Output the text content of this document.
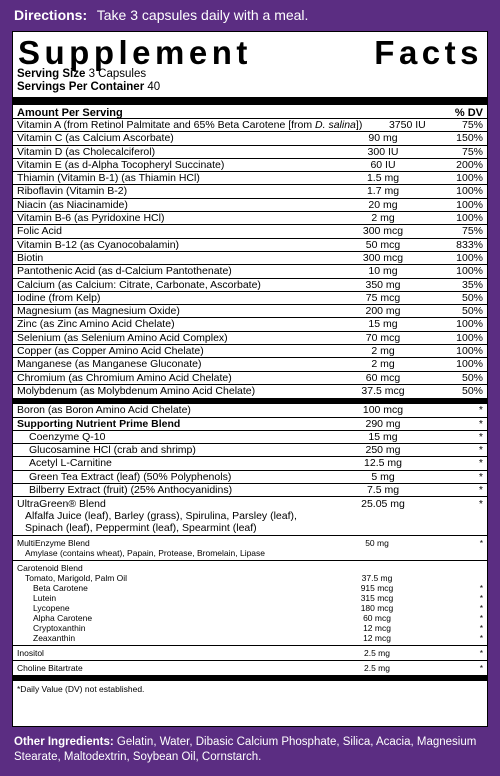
Directions: Take 3 capsules daily with a meal.
Supplement	Facts
Serving Size 3 Capsules
Servings Per Container 40
Amount Per Serving	% DV
Vitamin A (from Retinol Palmitate and 65% Beta Carotene [from D. salina])	3750 IU	75%
Vitamin C (as Calcium Ascorbate)	90 mg	150%
Vitamin D (as Cholecalciferol)	300 IU	75%
Vitamin E (as d-Alpha Tocopheryl Succinate)	60 IU	200%
Thiamin (Vitamin B-1) (as Thiamin HCl)	1.5 mg	100%
Riboflavin (Vitamin B-2)	1.7 mg	100%
Niacin (as Niacinamide)	20 mg	100%
Vitamin B-6 (as Pyridoxine HCl)	2 mg	100%
Folic Acid	300 mcg	75%
Vitamin B-12 (as Cyanocobalamin)	50 mcg	833%
Biotin	300 mcg	100%
Pantothenic Acid (as d-Calcium Pantothenate)	10 mg	100%
Calcium (as Calcium: Citrate, Carbonate, Ascorbate)	350 mg	35%
Iodine (from Kelp)	75 mcg	50%
Magnesium (as Magnesium Oxide)	200 mg	50%
Zinc (as Zinc Amino Acid Chelate)	15 mg	100%
Selenium (as Selenium Amino Acid Complex)	70 mcg	100%
Copper (as Copper Amino Acid Chelate)	2 mg	100%
Manganese (as Manganese Gluconate)	2 mg	100%
Chromium (as Chromium Amino Acid Chelate)	60 mcg	50%
Molybdenum (as Molybdenum Amino Acid Chelate)	37.5 mcg	50%
Boron (as Boron Amino Acid Chelate)	100 mcg	*
Supporting Nutrient Prime Blend	290 mg	*
Coenzyme Q-10	15 mg	*
Glucosamine HCl (crab and shrimp)	250 mg	*
Acetyl L-Carnitine	12.5 mg	*
Green Tea Extract (leaf) (50% Polyphenols)	5 mg	*
Bilberry Extract (fruit) (25% Anthocyanidins)	7.5 mg	*
UltraGreen® Blend	25.05 mg	*
Alfalfa Juice (leaf), Barley (grass), Spirulina, Parsley (leaf), Spinach (leaf), Peppermint (leaf), Spearmint (leaf)
MultiEnzyme Blend	50 mg	*
Amylase (contains wheat), Papain, Protease, Bromelain, Lipase
Carotenoid Blend
Tomato, Marigold, Palm Oil	37.5 mg
Beta Carotene	915 mcg	*
Lutein	315 mcg	*
Lycopene	180 mcg	*
Alpha Carotene	60 mcg	*
Cryptoxanthin	12 mcg	*
Zeaxanthin	12 mcg	*
Inositol	2.5 mg	*
Choline Bitartrate	2.5 mg	*
*Daily Value (DV) not established.
Other Ingredients: Gelatin, Water, Dibasic Calcium Phosphate, Silica, Acacia, Magnesium Stearate, Maltodextrin, Soybean Oil, Cornstarch.
